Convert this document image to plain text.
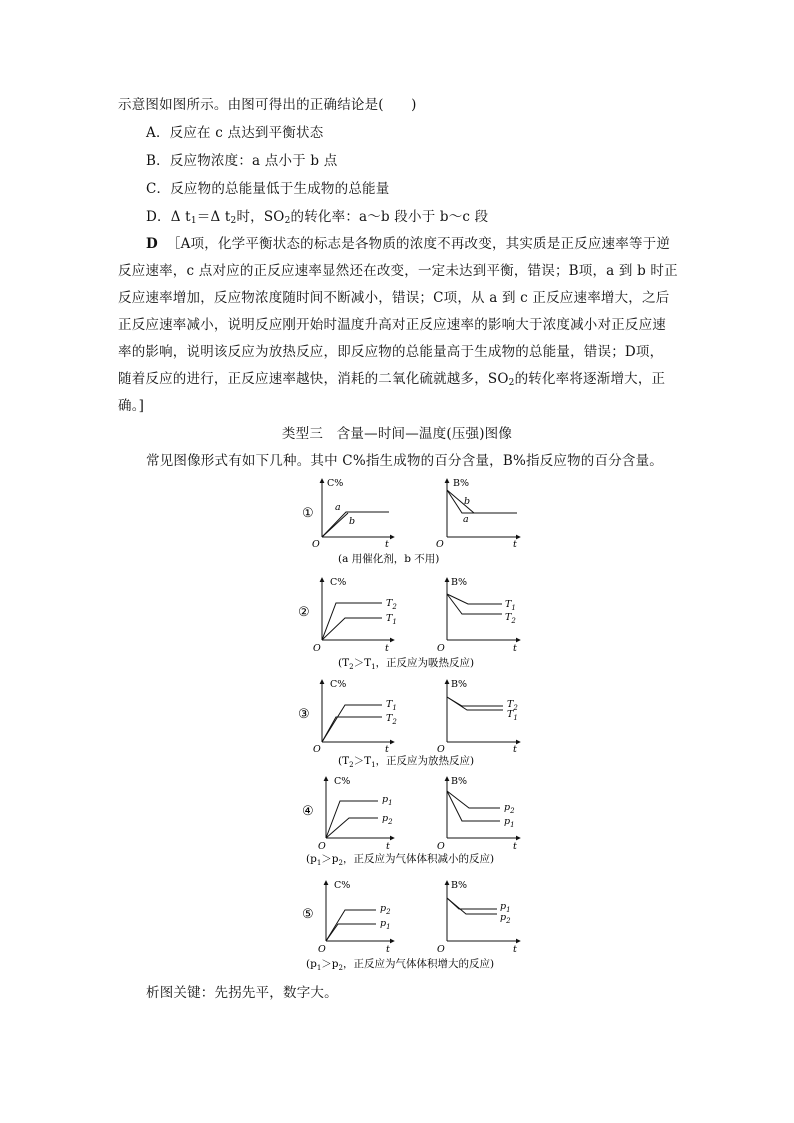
示意图如图所示。由图可得出的正确结论是(　　)
A．反应在 c 点达到平衡状态
B．反应物浓度：a 点小于 b 点
C．反应物的总能量低于生成物的总能量
D．Δ $t_1=\Delta$ $t_2$时，$SO_2$的转化率：a～b 段小于 b～c 段
D ［A项，化学平衡状态的标志是各物质的浓度不再改变，其实质是正反应速率等于逆
反应速率，c 点对应的正反应速率显然还在改变，一定未达到平衡，错误；B项，a 到 b 时正
反应速率增加，反应物浓度随时间不断减小，错误；C项，从 a 到 c 正反应速率增大，之后
正反应速率减小，说明反应刚开始时温度升高对正反应速率的影响大于浓度减小对正反应速
率的影响，说明该反应为放热反应，即反应物的总能量高于生成物的总能量，错误；D项，
随着反应的进行，正反应速率越快，消耗的二氧化硫就越多，$SO_2$的转化率将逐渐增大，正
确。]
类型三　含量—时间—温度(压强)图像
常见图像形式有如下几种。其中 C%指生成物的百分含量，B%指反应物的百分含量。
①
C%
O	t
a
b
B%
O	t
b
a
(a 用催化剂，b 不用)
②
C%
O	t
$T_2$
$T_1$
B%
O	t
$T_1$
$T_2$
($T_2>T_1$，正反应为吸热反应)
③
C%
O	t
$T_1$
$T_2$
B%
O	t
$T_2$
$T_1$
($T_2>T_1$，正反应为放热反应)
④
C%
O	t
$p_1$
$p_2$
B%
O	t
$p_2$
$p_1$
($p_1>p_2$，正反应为气体体积减小的反应)
⑤
C%
O	t
$p_2$
$p_1$
B%
O	t
$p_1$
$p_2$
($p_1>p_2$，正反应为气体体积增大的反应)
析图关键：先拐先平，数字大。
